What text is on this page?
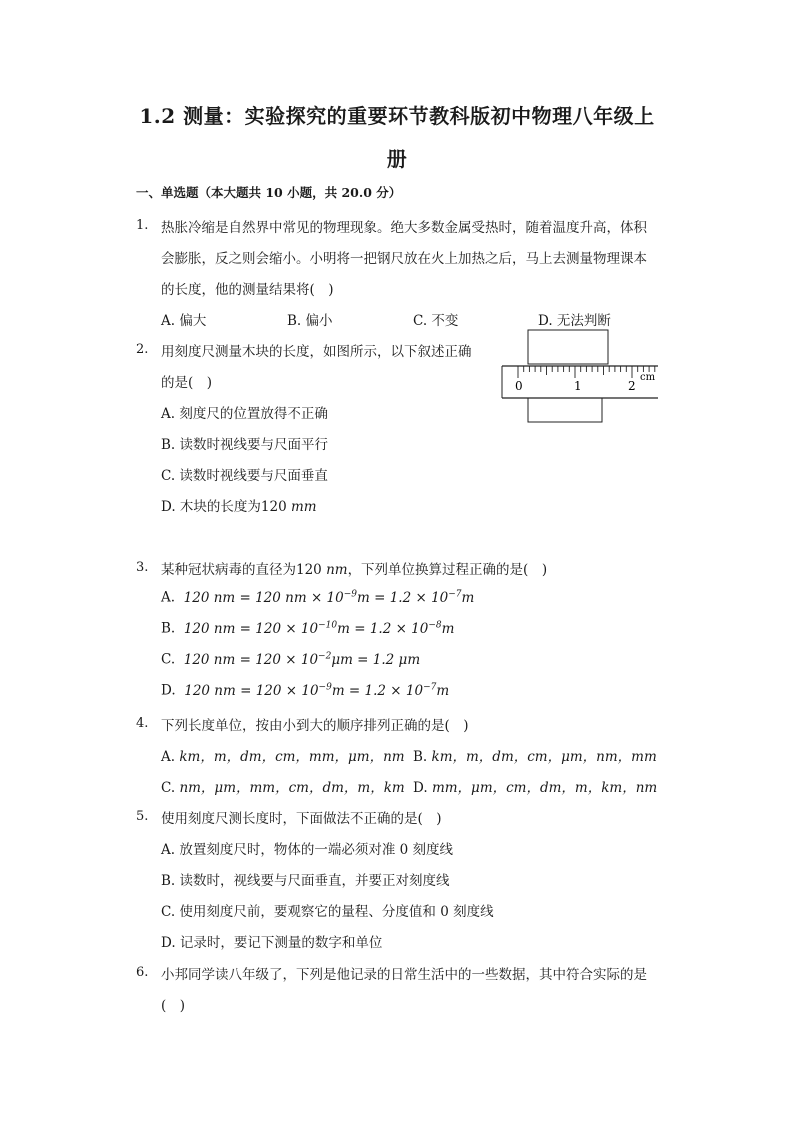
1.2 测量：实验探究的重要环节教科版初中物理八年级上
册
一、单选题（本大题共 10 小题，共 20.0 分）
1. 热胀冷缩是自然界中常见的物理现象。绝大多数金属受热时，随着温度升高，体积
会膨胀，反之则会缩小。小明将一把钢尺放在火上加热之后，马上去测量物理课本
的长度，他的测量结果将(　)
A. 偏大	B. 偏小	C. 不变	D. 无法判断
2. 用刻度尺测量木块的长度，如图所示，以下叙述正确
的是(　)
A. 刻度尺的位置放得不正确
B. 读数时视线要与尺面平行
C. 读数时视线要与尺面垂直
D. 木块的长度为120 mm
0	1	2
cm
3. 某种冠状病毒的直径为120 nm，下列单位换算过程正确的是(　)
A. 120 nm = 120 nm × $10^{-9}m = 1.2 \times 10^{-7}m$
B. 120 nm = $120 \times 10^{-10}m = 1.2 \times 10^{-8}m$
C. 120 nm = $120 \times 10^{-2}\mu m = 1.2$ μm
D. 120 nm = $120 \times 10^{-9}m = 1.2 \times 10^{-7}m$
4. 下列长度单位，按由小到大的顺序排列正确的是(　)
A. km，m，dm，cm，mm，μm，nm B. km，m，dm，cm，μm，nm，mm
C. nm，μm，mm，cm，dm，m，km D. mm，μm，cm，dm，m，km，nm
5. 使用刻度尺测长度时，下面做法不正确的是(　)
A. 放置刻度尺时，物体的一端必须对准 0 刻度线
B. 读数时，视线要与尺面垂直，并要正对刻度线
C. 使用刻度尺前，要观察它的量程、分度值和 0 刻度线
D. 记录时，要记下测量的数字和单位
6. 小邦同学读八年级了，下列是他记录的日常生活中的一些数据，其中符合实际的是
(　)
